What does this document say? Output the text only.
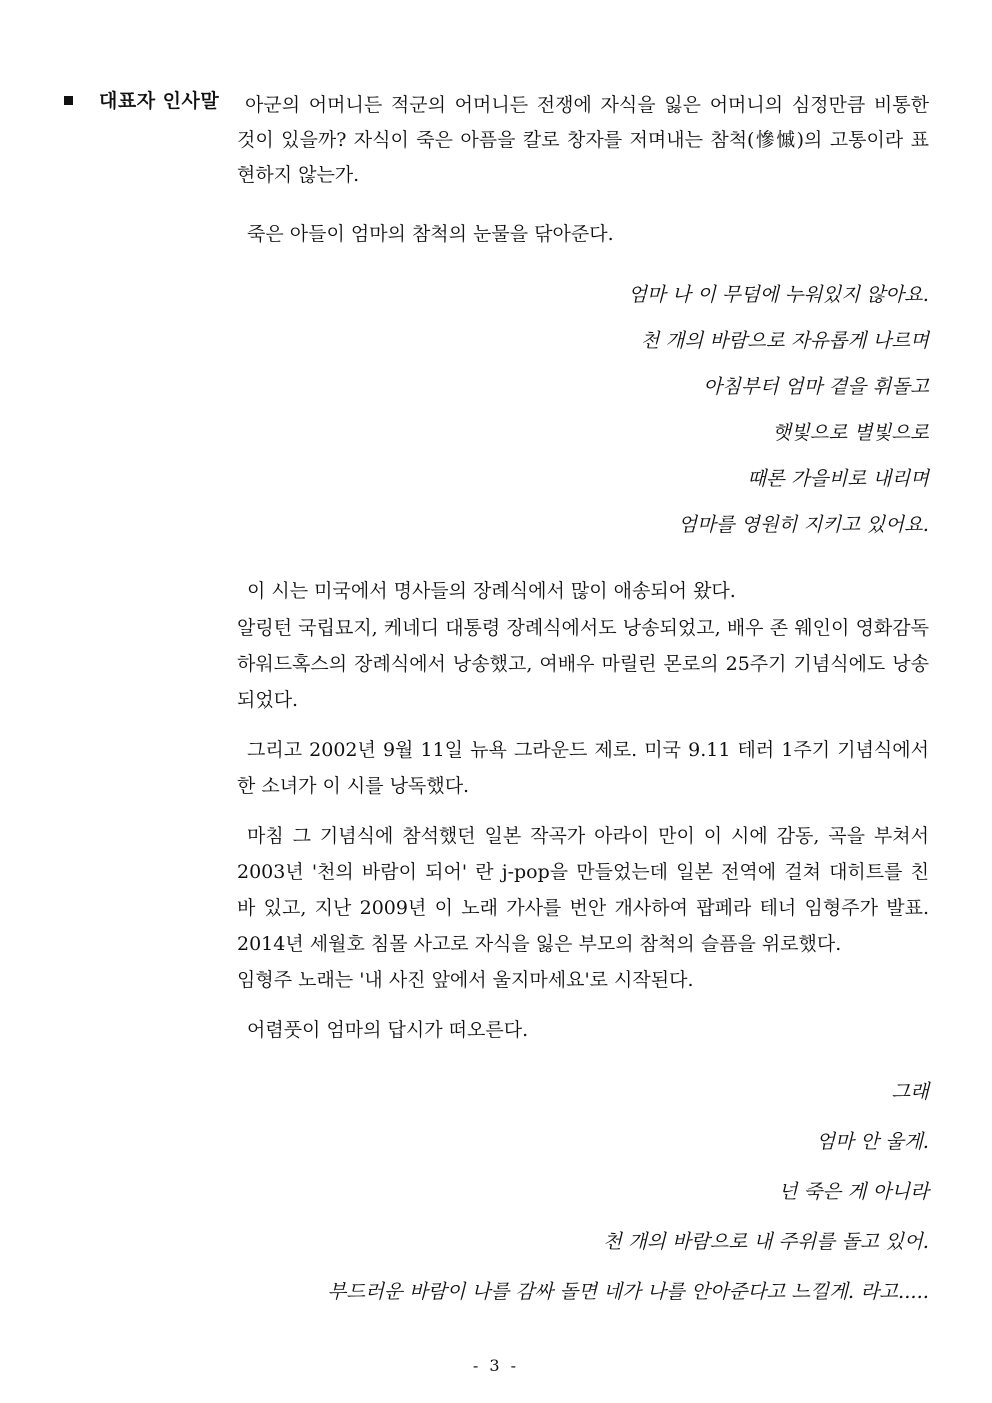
대표자 인사말	아군의 어머니든 적군의 어머니든 전쟁에 자식을 잃은 어머니의 심정만큼 비통한 것이 있을까? 자식이 죽은 아픔을 칼로 창자를 저며내는 참척(慘慽)의 고통이라 표현하지 않는가.
죽은 아들이 엄마의 참척의 눈물을 닦아준다.
엄마 나 이 무덤에 누워있지 않아요.
천 개의 바람으로 자유롭게 나르며
아침부터 엄마 곁을 휘돌고
햇빛으로 별빛으로
때론 가을비로 내리며
엄마를 영원히 지키고 있어요.
이 시는 미국에서 명사들의 장례식에서 많이 애송되어 왔다.
알링턴 국립묘지, 케네디 대통령 장례식에서도 낭송되었고, 배우 존 웨인이 영화감독 하워드혹스의 장례식에서 낭송했고, 여배우 마릴린 몬로의 25주기 기념식에도 낭송되었다.
그리고 2002년 9월 11일 뉴욕 그라운드 제로. 미국 9.11 테러 1주기 기념식에서 한 소녀가 이 시를 낭독했다.
마침 그 기념식에 참석했던 일본 작곡가 아라이 만이 이 시에 감동, 곡을 부쳐서 2003년 '천의 바람이 되어' 란 j-pop을 만들었는데 일본 전역에 걸쳐 대히트를 친 바 있고, 지난 2009년 이 노래 가사를 번안 개사하여 팝페라 테너 임형주가 발표. 2014년 세월호 침몰 사고로 자식을 잃은 부모의 참척의 슬픔을 위로했다.
임형주 노래는 '내 사진 앞에서 울지마세요'로 시작된다.
어렴풋이 엄마의 답시가 떠오른다.
그래
엄마 안 울게.
넌 죽은 게 아니라
천 개의 바람으로 내 주위를 돌고 있어.
부드러운 바람이 나를 감싸 돌면 네가 나를 안아준다고 느낄게. 라고.....
- 3 -
